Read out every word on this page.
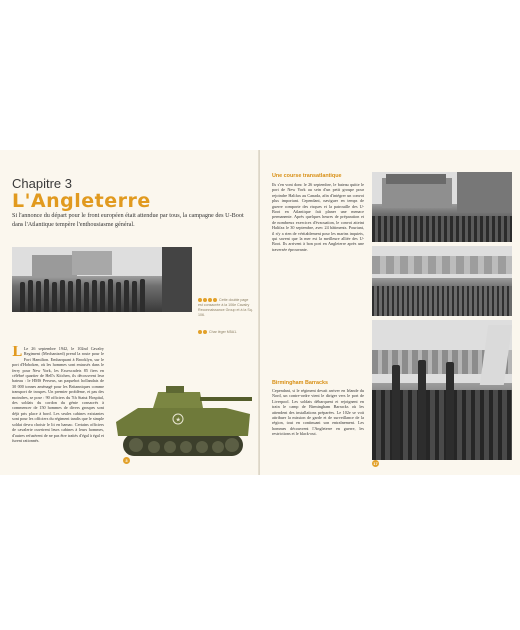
Chapitre 3
L'Angleterre
Si l'annonce du départ pour le front européen était attendue par tous, la campagne des U-Boot dans l'Atlantique tempère l'enthousiasme général.
Cette double page est consacrée à la 106e Cavalry Reconnaissance Group et à la Sq. 106.
Char léger M5A1.
L Le 26 septembre 1942, le 102nd Cavalry Regiment (Mechanized) prend la route pour le Fort Hamilton. Embarquant à Brooklyn, sur le port d'Hoboken, où les hommes sont entassés dans le ferry pour New York, les Essexcadets 85 fiers en célébré quartier de Hell's Kitchen, ils découvrent leur bateau : le HMS Perseus, un paquebot hollandais de 30 000 tonnes aménagé pour les Britanniques comme transport de troupes. Un premier problème, et pas des moindres, se pose : 90 officiers du 7th Statut Hospital, des soldats du cordon du génie consacrés à commencer de 150 hommes de divers groupes sont déjà pris place à bord. Les seules cabines existantes sont pour les officiers du régiment tandis que le simple soldat devra choisir le lit en hamac. Certains officiers de cavalerie ouvrirent leurs cabines à leurs hommes, d'autres refusèrent de ne pas être traités d'égal à égal et furent rationnés.
★
3
Une course transatlantique
Ils s'en vont donc le 26 septembre, le bateau quitte le port de New York au sein d'un petit groupe pour rejoindre Halifax au Canada, afin d'intégrer un convoi plus important. Cependant, naviguer en temps de guerre comporte des risques et la patrouille des U-Boot en Atlantique fait planer une menace permanente. Après quelques heures de préparation et de nombreux exercices d'évacuation, le convoi atteint Halifax le 30 septembre, avec 24 bâtiments. Pourtant, il n'y a rien de véritablement pour les marins inquiets, qui savent que la mer est la meilleure alliée des U-Boot. Ils arrivent à bon port en Angleterre après une traversée éprouvante.
Birmingham Barracks
Cependant, si le régiment devait arriver en Irlande du Nord, un contre-ordre vient le diriger vers le port de Liverpool. Les soldats débarquent et rejoignent en train le camp de Birmingham Barracks où les attendent des installations préparées. Le 102e se voit attribuer la mission de garde et de surveillance de la région, tout en continuant son entraînement. Les hommes découvrent l'Angleterre en guerre, les restrictions et le black-out.
17
